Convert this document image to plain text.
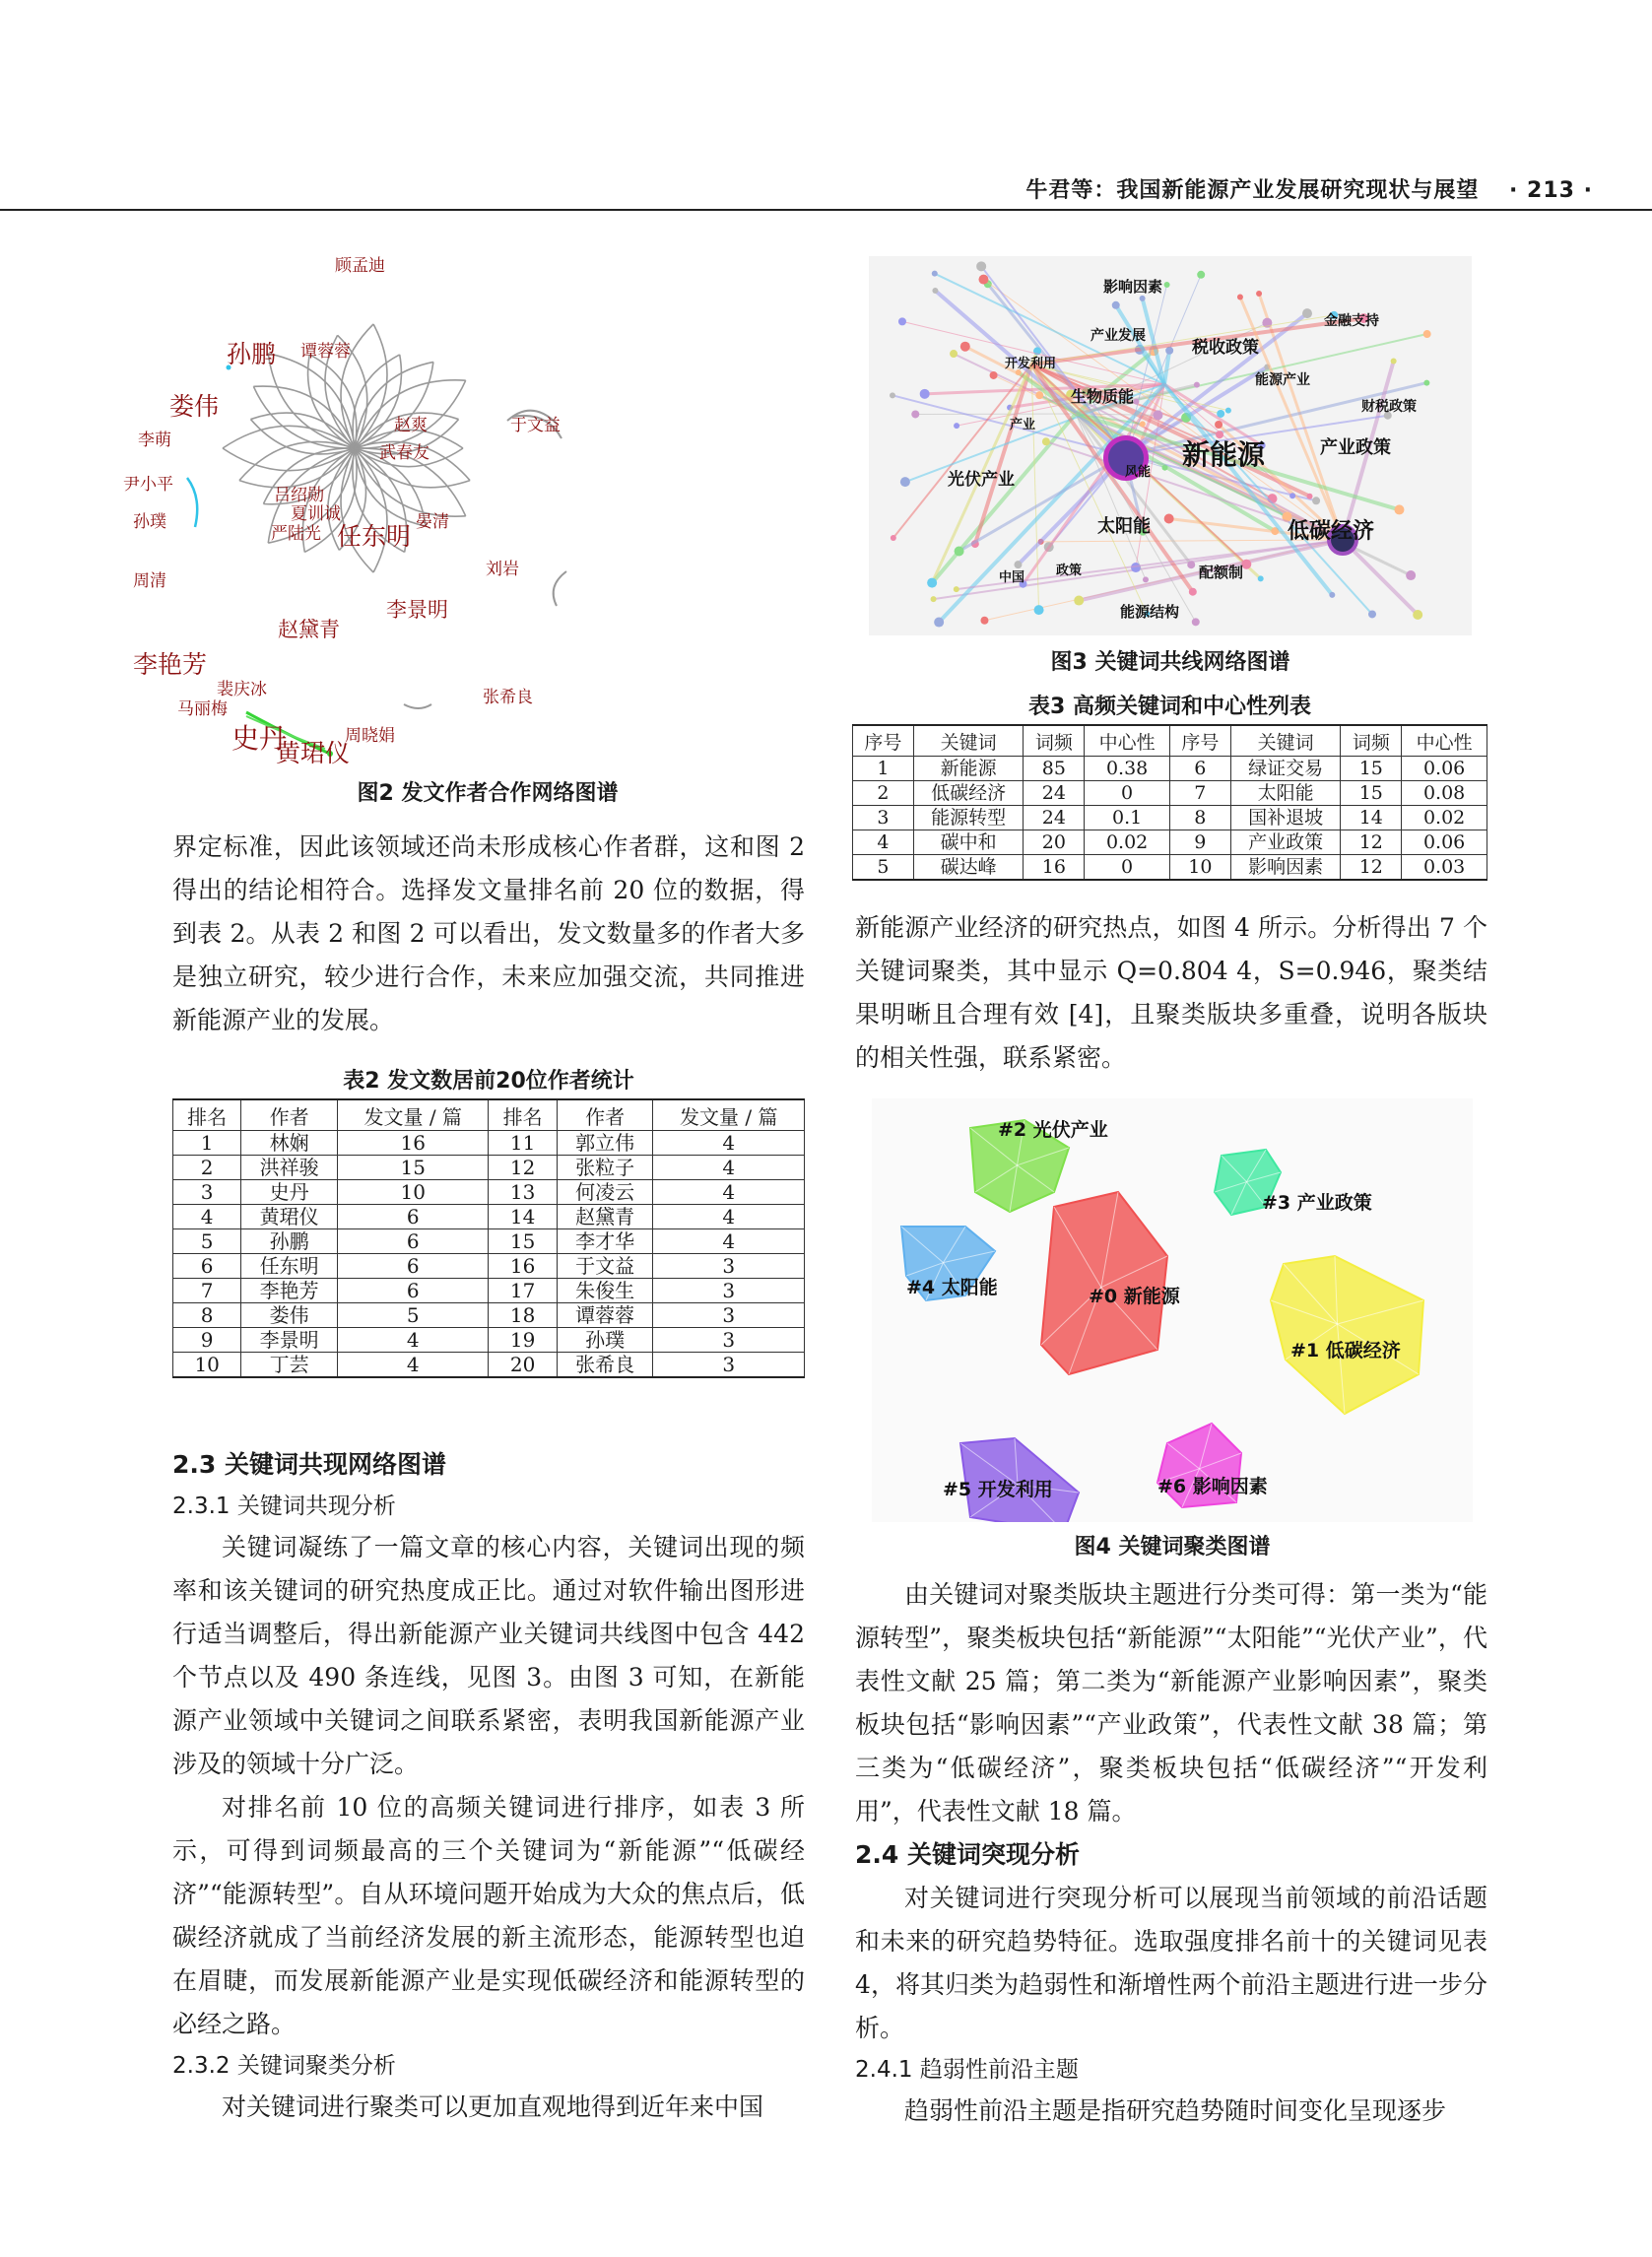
牛君等：我国新能源产业发展研究现状与展望 · 213 ·
顾孟迪
孙鹏 谭蓉蓉
娄伟
李萌
于文益
赵爽
武春友
尹小平
孙璞
吕绍勋
夏训诚
严陆光 任东明 晏清
周清
刘岩
李景明
赵黛青
李艳芳
裴庆冰	张希良
马丽梅
史丹
黄珺仪
周晓娟
图2 发文作者合作网络图谱

界定标准，因此该领域还尚未形成核心作者群，这和图 2 得出的结论相符合。选择发文量排名前 20 位的数据，得到表 2。从表 2 和图 2 可以看出，发文数量多的作者大多是独立研究，较少进行合作，未来应加强交流，共同推进新能源产业的发展。

表2 发文数居前20位作者统计
排名	作者	发文量 / 篇	排名	作者	发文量 / 篇
1	林娴	16	11	郭立伟	4
2	洪祥骏	15	12	张粒子	4
3	史丹	10	13	何凌云	4
4	黄珺仪	6	14	赵黛青	4
5	孙鹏	6	15	李才华	4
6	任东明	6	16	于文益	3
7	李艳芳	6	17	朱俊生	3
8	娄伟	5	18	谭蓉蓉	3
9	李景明	4	19	孙璞	3
10	丁芸	4	20	张希良	3

2.3 关键词共现网络图谱

2.3.1 关键词共现分析

关键词凝练了一篇文章的核心内容，关键词出现的频率和该关键词的研究热度成正比。通过对软件输出图形进行适当调整后，得出新能源产业关键词共线图中包含 442 个节点以及 490 条连线，见图 3。由图 3 可知，在新能源产业领域中关键词之间联系紧密，表明我国新能源产业涉及的领域十分广泛。

对排名前 10 位的高频关键词进行排序，如表 3 所示，可得到词频最高的三个关键词为“新能源”“低碳经济”“能源转型”。自从环境问题开始成为大众的焦点后，低碳经济就成了当前经济发展的新主流形态，能源转型也迫在眉睫，而发展新能源产业是实现低碳经济和能源转型的必经之路。

2.3.2 关键词聚类分析

对关键词进行聚类可以更加直观地得到近年来中国

影响因素
金融支持
产业发展
税收政策
开发利用
能源产业
生物质能
财税政策
产业
新能源	产业政策
光伏产业	风能
太阳能	低碳经济
中国 政策	配额制
能源结构
图3 关键词共线网络图谱
表3 高频关键词和中心性列表
序号	关键词	词频	中心性	序号	关键词	词频	中心性
1	新能源	85	0.38	6	绿证交易	15	0.06
2	低碳经济	24	0	7	太阳能	15	0.08
3	能源转型	24	0.1	8	国补退坡	14	0.02
4	碳中和	20	0.02	9	产业政策	12	0.06
5	碳达峰	16	0	10	影响因素	12	0.03

新能源产业经济的研究热点，如图 4 所示。分析得出 7 个关键词聚类，其中显示 Q=0.804 4，S=0.946，聚类结果明晰且合理有效 [4]，且聚类版块多重叠，说明各版块的相关性强，联系紧密。

#2 光伏产业
#3 产业政策
#4 太阳能	#0 新能源
#1 低碳经济
#5 开发利用	#6 影响因素
图4 关键词聚类图谱

由关键词对聚类版块主题进行分类可得：第一类为“能源转型”，聚类板块包括“新能源”“太阳能”“光伏产业”，代表性文献 25 篇；第二类为“新能源产业影响因素”，聚类板块包括“影响因素”“产业政策”，代表性文献 38 篇；第三类为“低碳经济”，聚类板块包括“低碳经济”“开发利用”，代表性文献 18 篇。

2.4 关键词突现分析

对关键词进行突现分析可以展现当前领域的前沿话题和未来的研究趋势特征。选取强度排名前十的关键词见表 4，将其归类为趋弱性和渐增性两个前沿主题进行进一步分析。

2.4.1 趋弱性前沿主题

趋弱性前沿主题是指研究趋势随时间变化呈现逐步
